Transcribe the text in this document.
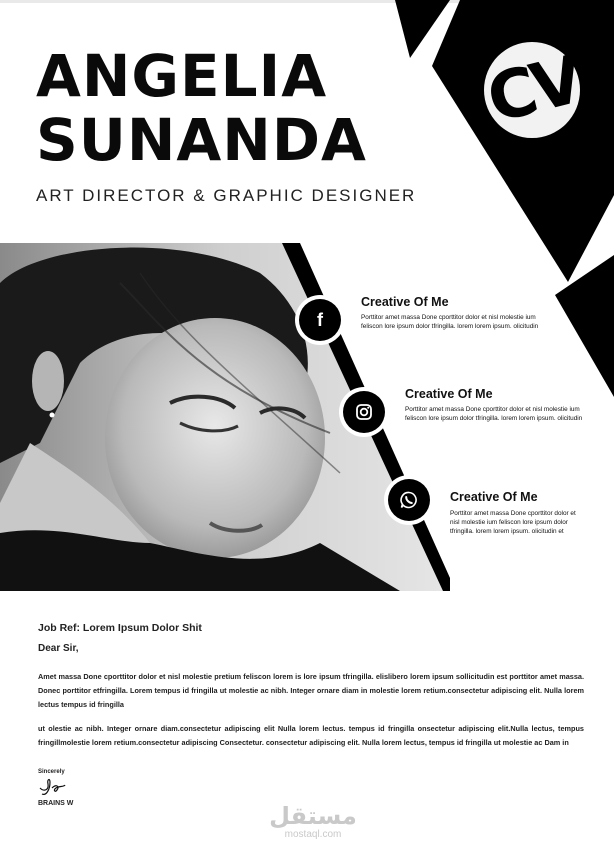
CV
ANGELIA
SUNANDA
ART DIRECTOR & GRAPHIC DESIGNER
f
Creative Of Me
Porttitor amet massa Done cporttitor dolor et nisl molestie ium feliscon lore ipsum dolor tfringilla. lorem lorem ipsum. olicitudin
Creative Of Me
Porttitor amet massa Done cporttitor dolor et nisl molestie ium feliscon lore ipsum dolor tfringilla. lorem lorem ipsum. olicitudin
Creative Of Me
Porttitor amet massa Done cporttitor dolor et nisl molestie ium feliscon lore ipsum dolor tfringilla. lorem lorem ipsum. olicitudin et
Job Ref: Lorem Ipsum Dolor Shit
Dear Sir,
Amet massa Done cporttitor dolor et nisl molestie pretium feliscon lorem is lore ipsum tfringilla. elislibero lorem ipsum sollicitudin est porttitor amet massa. Donec porttitor etfringilla. Lorem tempus id fringilla ut molestie ac nibh. Integer ornare diam in molestie lorem retium.consectetur adipiscing elit. Nulla lorem lectus tempus id fringilla
ut olestie ac nibh. Integer ornare diam.consectetur adipiscing elit Nulla lorem lectus. tempus id fringilla onsectetur adipiscing elit.Nulla lectus, tempus fringillmolestie lorem retium.consectetur adipiscing Consectetur. consectetur adipiscing elit. Nulla lorem lectus, tempus id fringilla ut molestie ac Dam in
Sincerely
BRAINS W	مستقل
mostaql.com
